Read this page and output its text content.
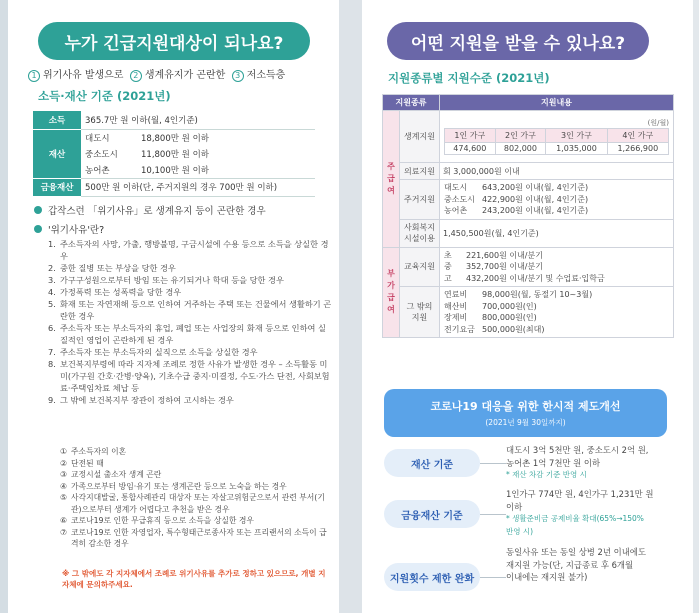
누가 긴급지원대상이 되나요?
1 위기사유 발생으로 2 생계유지가 곤란한 3 저소득층
소득·재산 기준 (2021년)
소득	365.7만 원 이하(월, 4인기준)	
재산	대도시	18,800만 원 이하
	중소도시	11,800만 원 이하
	농어촌	10,100만 원 이하
금융재산	500만 원 이하(단, 주거지원의 경우 700만 원 이하)	
갑작스런 「위기사유」로 생계유지 등이 곤란한 경우
'위기사유'란?
1. 주소득자의 사망, 가출, 행방불명, 구금시설에 수용 등으로 소득을 상실한 경우
2. 중한 질병 또는 부상을 당한 경우
3. 가구구성원으로부터 방임 또는 유기되거나 학대 등을 당한 경우
4. 가정폭력 또는 성폭력을 당한 경우
5. 화재 또는 자연재해 등으로 인하여 거주하는 주택 또는 건물에서 생활하기 곤란한 경우
6. 주소득자 또는 부소득자의 휴업, 폐업 또는 사업장의 화재 등으로 인하여 실질적인 영업이 곤란하게 된 경우
7. 주소득자 또는 부소득자의 실직으로 소득을 상실한 경우
8. 보건복지부령에 따라 지자체 조례로 정한 사유가 발생한 경우 – 소득활동 미미(가구원 간호·간병·양육), 기초수급 중지·미결정, 수도·가스 단전, 사회보험료·주택임차료 체납 등
9. 그 밖에 보건복지부 장관이 정하여 고시하는 경우
① 주소득자의 이혼
② 단전된 때
③ 교정시설 출소자 생계 곤란
④ 가족으로부터 방임·유기 또는 생계곤란 등으로 노숙을 하는 경우
⑤ 사각지대발굴, 통합사례관리 대상자 또는 자살고위험군으로서 관련 부서(기관)으로부터 생계가 어렵다고 추천을 받은 경우
⑥ 코로나19로 인한 무급휴직 등으로 소득을 상실한 경우
⑦ 코로나19로 인한 자영업자, 특수형태근로종사자 또는 프리랜서의 소득이 급격히 감소한 경우
※ 그 밖에도 각 지자체에서 조례로 위기사유를 추가로 정하고 있으므로, 개별 지자체에 문의하주세요.
어떤 지원을 받을 수 있나요?
지원종류별 지원수준 (2021년)
지원종류	지원내용
주 급 여	생계지원	
(원/월)
1인 가구	2인 가구	3인 가구	4인 가구
474,600	802,000	1,035,000	1,266,900

의료지원	회 3,000,000원 이내
주거지원	
대도시	643,200원 이내(월, 4인기준)
중소도시 422,900원 이내(월, 4인기준)
농어촌	243,200원 이내(월, 4인기준)

사회복지 시설이용	1,450,500원(월, 4인기준)
부 가 급 여	교육지원	
초	221,600원 이내/분기
중	352,700원 이내/분기
고	432,200원 이내/분기 및 수업료·입학금

그 밖의 지원	
연료비	98,000원(월, 동절기 10~3월)
해산비	700,000원(인)
장제비	800,000원(인)
전기요금 500,000원(최대)
코로나19 대응을 위한 한시적 제도개선
(2021년 9월 30일까지)
재산 기준
대도시 3억 5천만 원, 중소도시 2억 원,
농어촌 1억 7천만 원 이하
* 재산 차감 기준 반영 시
금융재산 기준
1인가구 774만 원, 4인가구 1,231만 원
이하
* 생활준비금 공제비율 확대(65%→150%
반영 시)
지원횟수 제한 완화
동일사유 또는 동일 상병 2년 이내에도
재지원 가능(단, 지급종료 후 6개월
이내에는 재지원 불가)
